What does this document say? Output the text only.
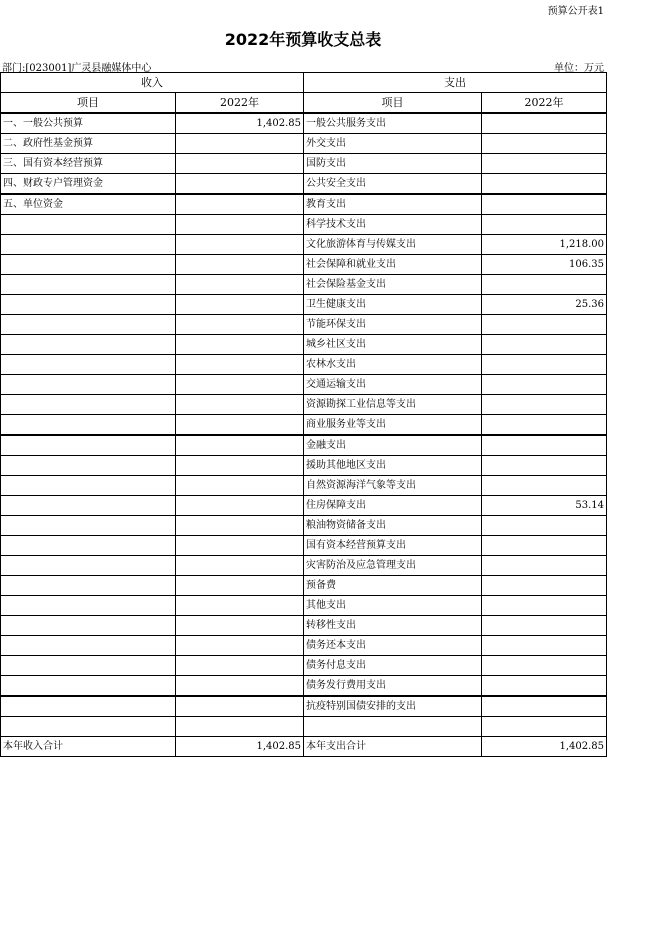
预算公开表1
2022年预算收支总表
部门:[023001]广灵县融媒体中心	单位：万元
收入		支出	
项目	2022年	项目	2022年
一、一般公共预算	1,402.85	一般公共服务支出	
二、政府性基金预算		外交支出	
三、国有资本经营预算		国防支出	
四、财政专户管理资金		公共安全支出	
五、单位资金		教育支出	
		科学技术支出	
		文化旅游体育与传媒支出	1,218.00
		社会保障和就业支出	106.35
		社会保险基金支出	
		卫生健康支出	25.36
		节能环保支出	
		城乡社区支出	
		农林水支出	
		交通运输支出	
		资源勘探工业信息等支出	
		商业服务业等支出	
		金融支出	
		援助其他地区支出	
		自然资源海洋气象等支出	
		住房保障支出	53.14
		粮油物资储备支出	
		国有资本经营预算支出	
		灾害防治及应急管理支出	
		预备费	
		其他支出	
		转移性支出	
		债务还本支出	
		债务付息支出	
		债务发行费用支出	
		抗疫特别国债安排的支出	

本年收入合计	1,402.85	本年支出合计	1,402.85
